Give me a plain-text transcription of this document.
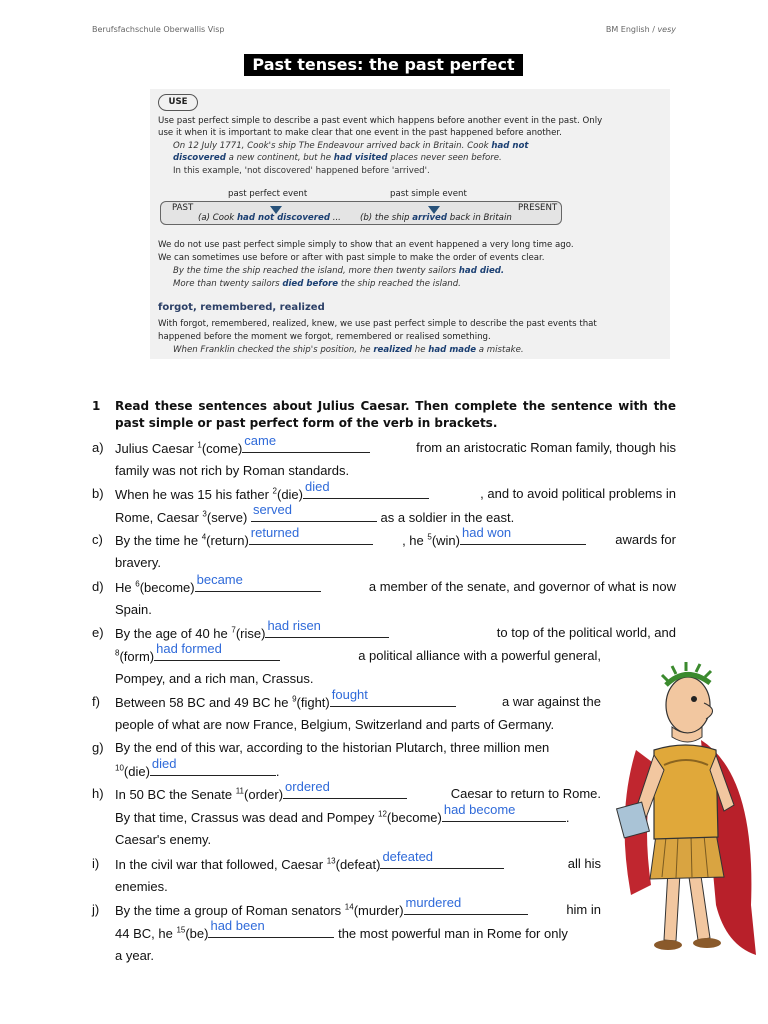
Berufsfachschule Oberwallis Visp	BM English / vesy
Past tenses: the past perfect
USE
Use past perfect simple to describe a past event which happens before another event in the past. Only
use it when it is important to make clear that one event in the past happened before another.
On 12 July 1771, Cook's ship The Endeavour arrived back in Britain. Cook had not
discovered a new continent, but he had visited places never seen before.
In this example, 'not discovered' happened before 'arrived'.
past perfect event	past simple event
PAST	PRESENT
(a) Cook had not discovered ... (b) the ship arrived back in Britain
We do not use past perfect simple simply to show that an event happened a very long time ago.
We can sometimes use before or after with past simple to make the order of events clear.
By the time the ship reached the island, more then twenty sailors had died.
More than twenty sailors died before the ship reached the island.
forgot, remembered, realized
With forgot, remembered, realized, knew, we use past perfect simple to describe the past events that
happened before the moment we forgot, remembered or realised something.
When Franklin checked the ship's position, he realized he had made a mistake.
1 Read these sentences about Julius Caesar. Then complete the sentence with the past simple or past perfect form of the verb in brackets.
a) Julius Caesar $^1$(come)
came	from an aristocratic Roman family, though his
family was not rich by Roman standards.
b) When he was 15 his father $^2$(die)
died	, and to avoid political problems in
Rome, Caesar $^3$(serve)
served
as a soldier in the east.
c) By the time he $^4$(return)
returned
, he $^5$(win)
had won	awards for
bravery.
d) He $^6$(become)
became	a member of the senate, and governor of what is now
Spain.
e) By the age of 40 he $^7$(rise)
had risen	to top of the political world, and
$^8$(form)
had formed	a political alliance with a powerful general,
Pompey, and a rich man, Crassus.
f) Between 58 BC and 49 BC he $^9$(fight)
fought	a war against the
people of what are now France, Belgium, Switzerland and parts of Germany.
g) By the end of this war, according to the historian Plutarch, three million men
$^{10}$(die)
died
.
h) In 50 BC the Senate $^{11}$(order)
ordered	Caesar to return to Rome.
By that time, Crassus was dead and Pompey $^{12}$(become)
had become
.
Caesar's enemy.
i) In the civil war that followed, Caesar $^{13}$(defeat)
defeated	all his
enemies.
j) By the time a group of Roman senators $^{14}$(murder)
murdered	him in
44 BC, he $^{15}$(be)
had been
the most powerful man in Rome for only
a year.
